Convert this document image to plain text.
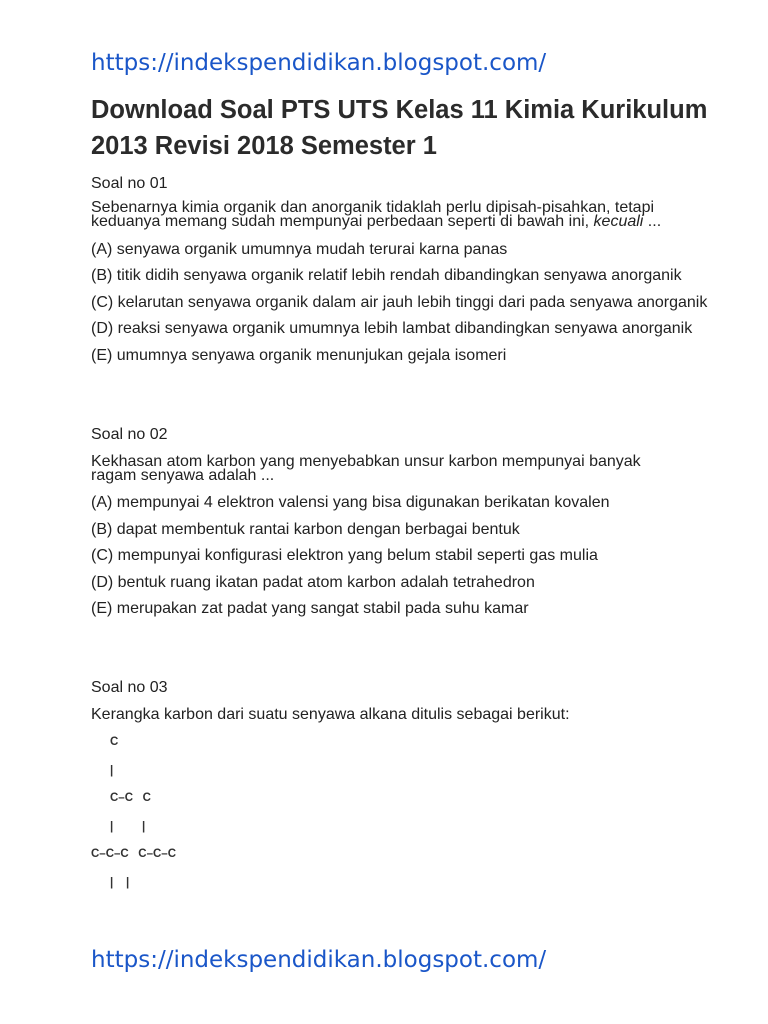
https://indekspendidikan.blogspot.com/
Download Soal PTS UTS Kelas 11 Kimia Kurikulum 2013 Revisi 2018 Semester 1

Soal no 01

Sebenarnya kimia organik dan anorganik tidaklah perlu dipisah-pisahkan, tetapi keduanya memang sudah mempunyai perbedaan seperti di bawah ini, kecuali ...

(A) senyawa organik umumnya mudah terurai karna panas

(B) titik didih senyawa organik relatif lebih rendah dibandingkan senyawa anorganik

(C) kelarutan senyawa organik dalam air jauh lebih tinggi dari pada senyawa anorganik

(D) reaksi senyawa organik umumnya lebih lambat dibandingkan senyawa anorganik

(E) umumnya senyawa organik menunjukan gejala isomeri

Soal no 02

Kekhasan atom karbon yang menyebabkan unsur karbon mempunyai banyak ragam senyawa adalah ...

(A) mempunyai 4 elektron valensi yang bisa digunakan berikatan kovalen

(B) dapat membentuk rantai karbon dengan berbagai bentuk

(C) mempunyai konfigurasi elektron yang belum stabil seperti gas mulia

(D) bentuk ruang ikatan padat atom karbon adalah tetrahedron

(E) merupakan zat padat yang sangat stabil pada suhu kamar

Soal no 03

Kerangka karbon dari suatu senyawa alkana ditulis sebagai berikut:

C
|
C–C   C
|         |
C–C–C   C–C–C
|    |
https://indekspendidikan.blogspot.com/
